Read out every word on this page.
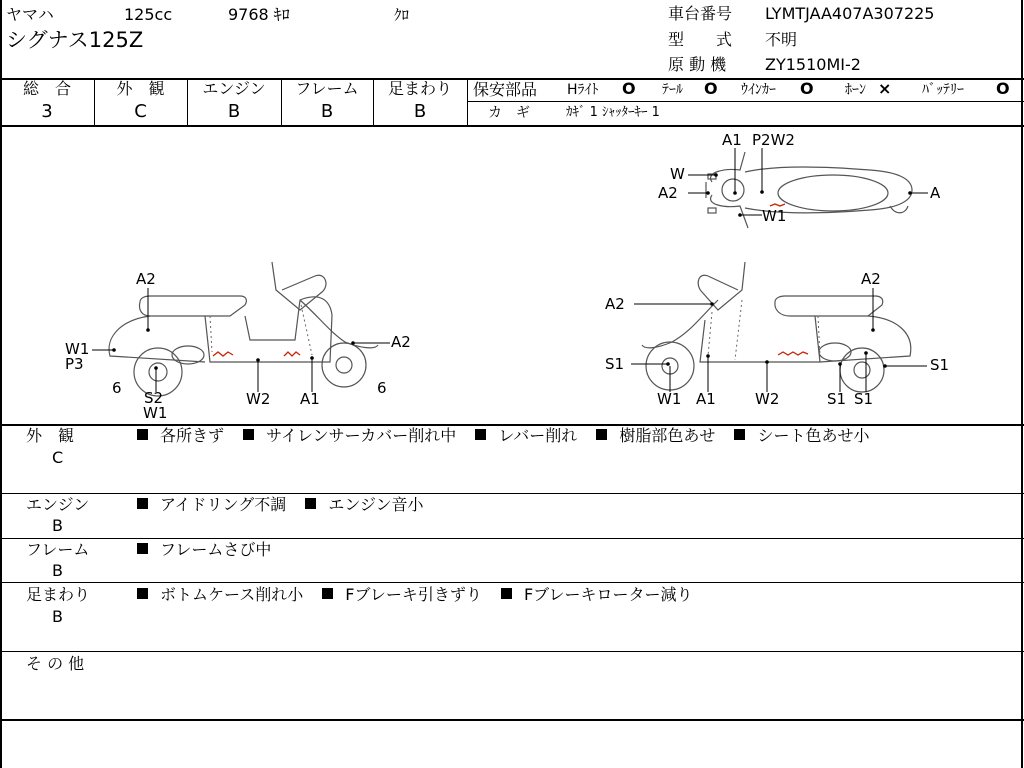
ヤマハ	125cc	9768 ｷﾛ	ｸﾛ
シグナス125Z
車台番号 LYMTJAA407A307225
型　　式 不明
原 動 機 ZY1510MI-2
総　合
3
外　観
C
エンジン
B
フレーム
B
足まわり
B
保安部品 Hﾗｲﾄ O ﾃｰﾙ O ｳｲﾝｶｰ O ﾎｰﾝ × ﾊﾞｯﾃﾘｰ O
カ　ギ	ｶｷﾞ 1 ｼｬｯﾀｰｷｰ 1
A1 P2W2
W
A2	A
W1
A2
W1
P3
6
S2
W1
W2 A1
6
A2
A2
A2
S1
W1 A1	W2	S1 S1
S1
外　観
C
各所きず	サイレンサーカバー削れ中	レバー削れ	樹脂部色あせ	シート色あせ小
エンジン
B
アイドリング不調	エンジン音小
フレーム
B
フレームさび中
足まわり
B
ボトムケース削れ小	Fブレーキ引きずり	Fブレーキローター減り
そ の 他
